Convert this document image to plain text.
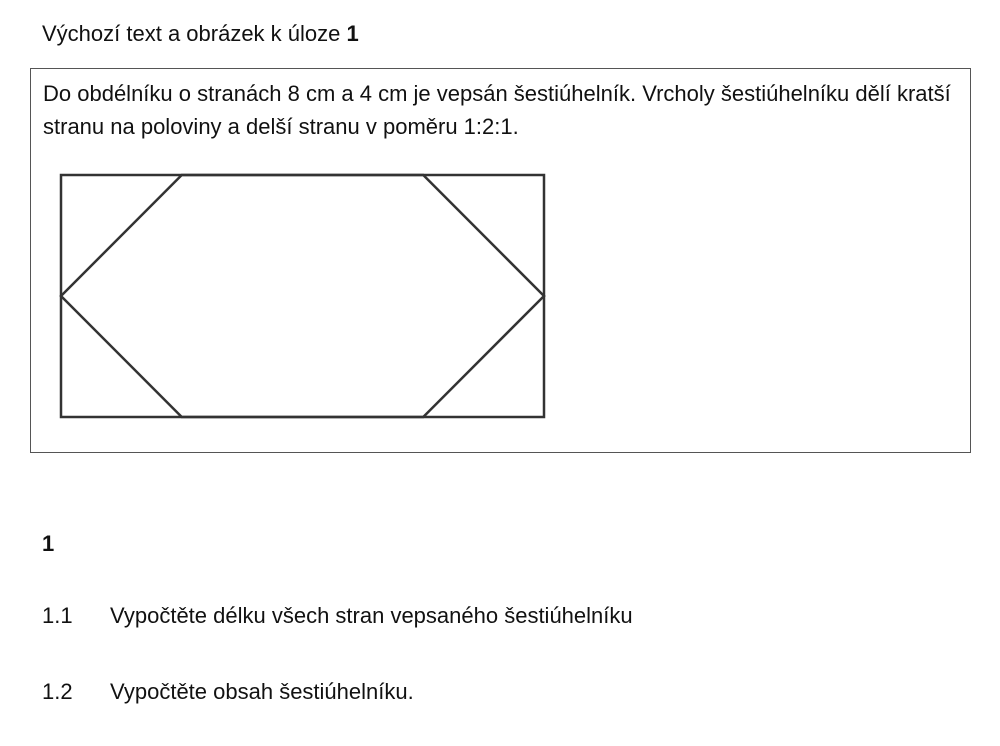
Výchozí text a obrázek k úloze 1
Do obdélníku o stranách 8 cm a 4 cm je vepsán šestiúhelník. Vrcholy šestiúhelníku dělí kratší stranu na poloviny a delší stranu v poměru 1:2:1.
1
1.1 Vypočtěte délku všech stran vepsaného šestiúhelníku
1.2 Vypočtěte obsah šestiúhelníku.
